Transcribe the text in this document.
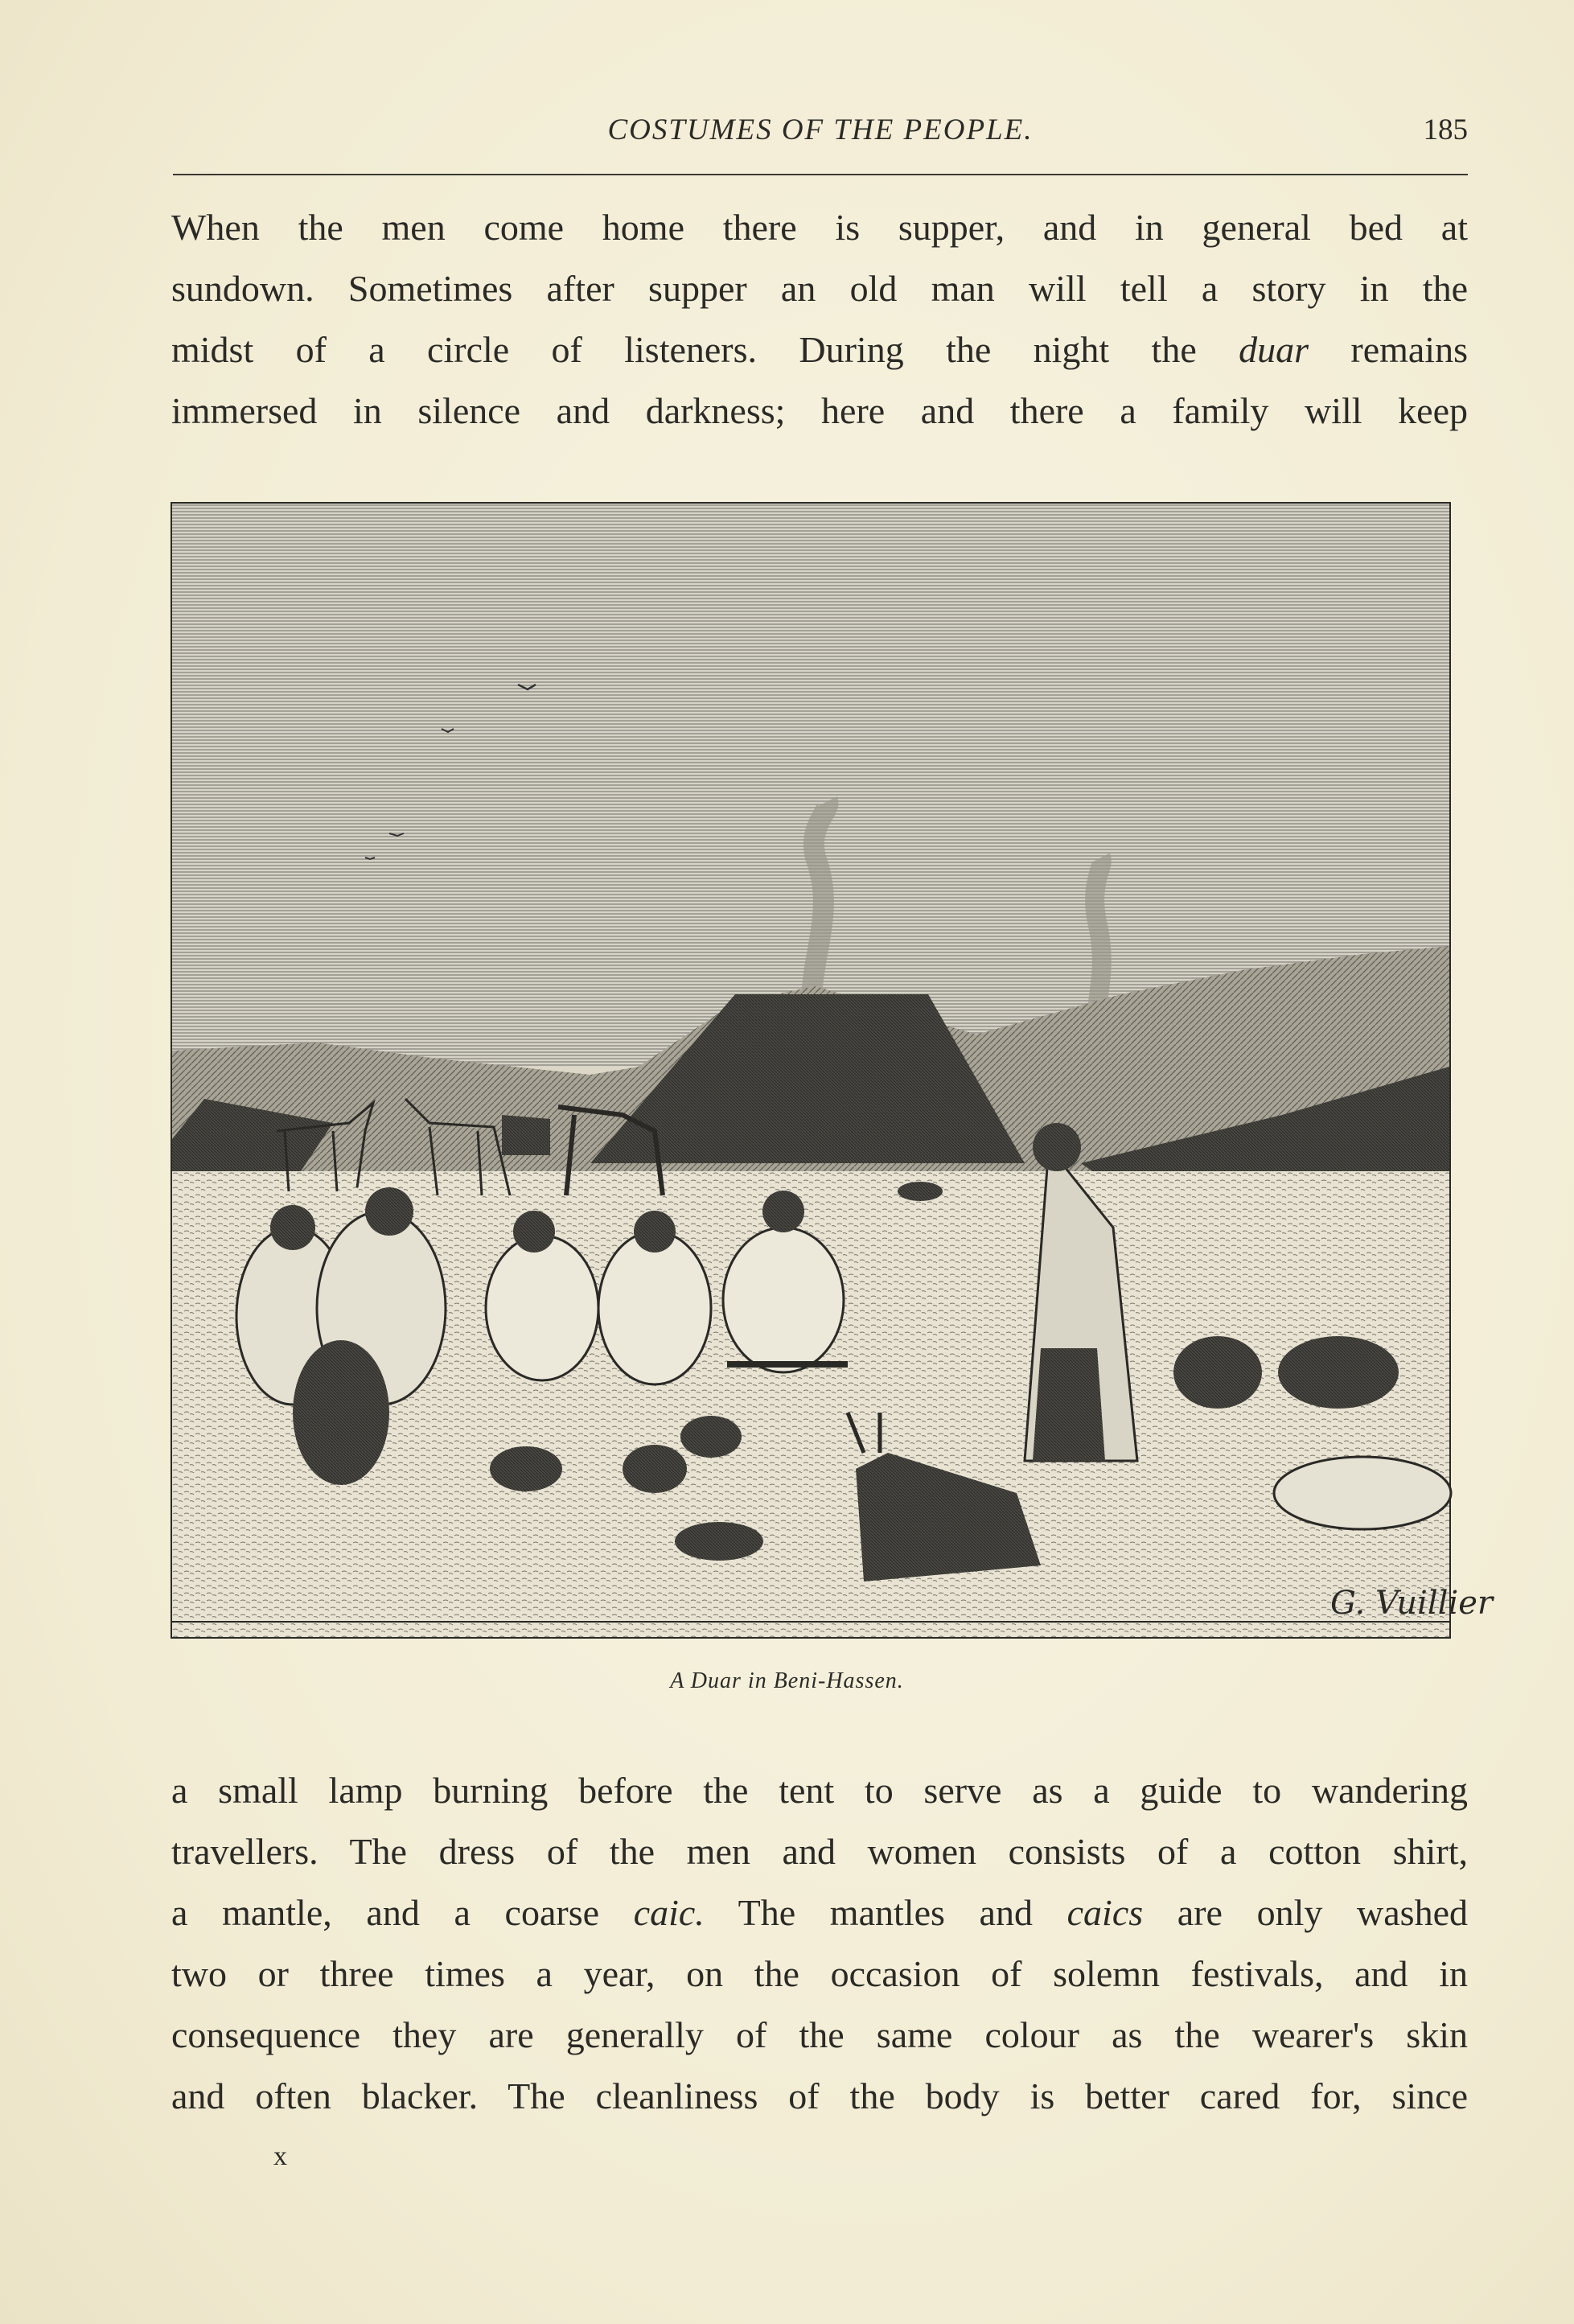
COSTUMES OF THE PEOPLE.	185
When the men come home there is supper, and in general bed at
sundown. Sometimes after supper an old man will tell a story in the
midst of a circle of listeners. During the night the duar remains
immersed in silence and darkness; here and there a family will keep
G. Vuillier
A Duar in Beni-Hassen.
a small lamp burning before the tent to serve as a guide to wandering
travellers. The dress of the men and women consists of a cotton shirt,
a mantle, and a coarse caic. The mantles and caics are only washed
two or three times a year, on the occasion of solemn festivals, and in
consequence they are generally of the same colour as the wearer's skin
and often blacker. The cleanliness of the body is better cared for, since
x
